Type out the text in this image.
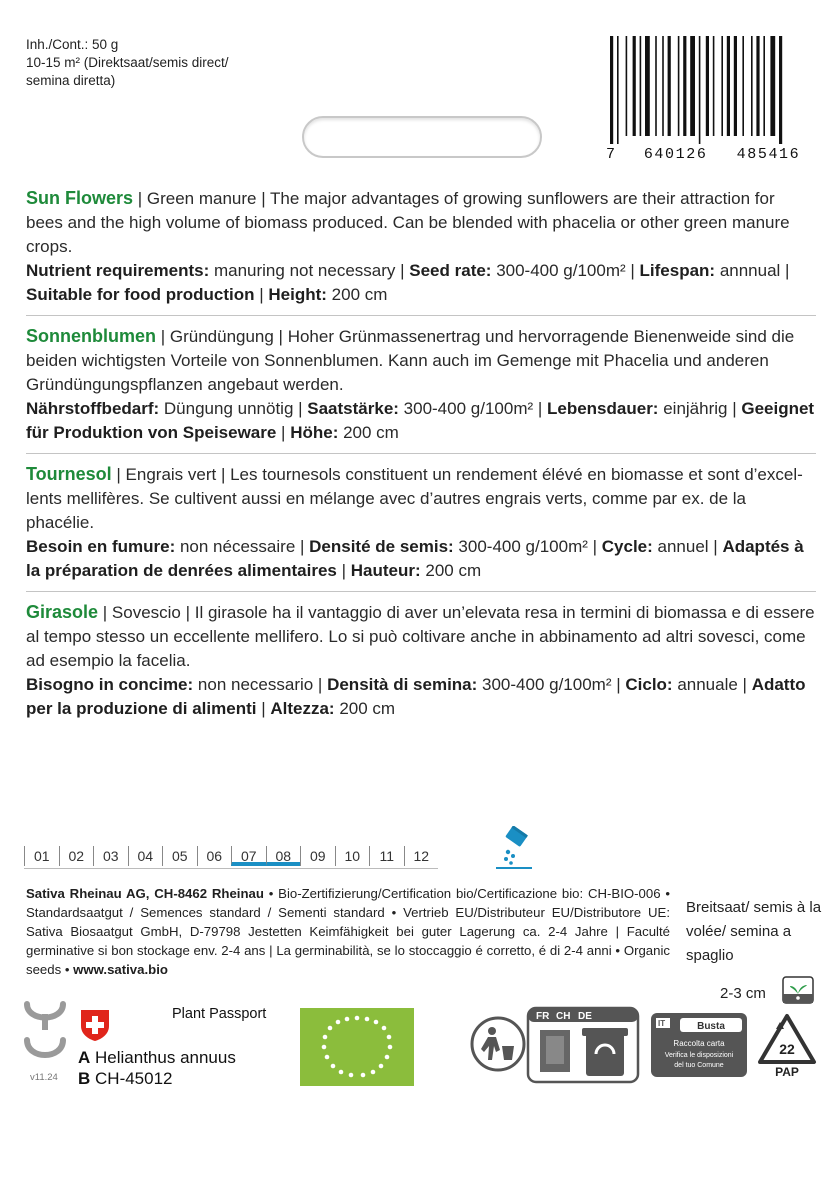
Inh./Cont.: 50 g
10-15 m² (Direktsaat/semis direct/
semina diretta)
7 640126 485416
Sun Flowers | Green manure | The major advantages of growing sunflowers are their attraction for bees and the high volume of biomass produced. Can be blended with phacelia or other green manure crops.
Nutrient requirements: manuring not necessary | Seed rate: 300-400 g/100m² | Lifespan: annnual |
Suitable for food production | Height: 200 cm
Sonnenblumen | Gründüngung | Hoher Grünmassenertrag und hervorragende Bienenweide sind die beiden wichtigsten Vorteile von Sonnenblumen. Kann auch im Gemenge mit Phacelia und anderen Gründüngungspflanzen angebaut werden.
Nährstoffbedarf: Düngung unnötig | Saatstärke: 300-400 g/100m² | Lebensdauer: einjährig | Geeignet für Produktion von Speiseware | Höhe: 200 cm
Tournesol | Engrais vert | Les tournesols constituent un rendement élévé en biomasse et sont d’excellents mellifères. Se cultivent aussi en mélange avec d’autres engrais verts, comme par ex. de la phacélie.
Besoin en fumure: non nécessaire | Densité de semis: 300-400 g/100m² | Cycle: annuel | Adaptés à la préparation de denrées alimentaires | Hauteur: 200 cm
Girasole | Sovescio | Il girasole ha il vantaggio di aver un’elevata resa in termini di biomassa e di essere al tempo stesso un eccellente mellifero. Lo si può coltivare anche in abbinamento ad altri sovesci, come ad esempio la facelia.
Bisogno in concime: non necessario | Densità di semina: 300-400 g/100m² | Ciclo: annuale | Adatto per la produzione di alimenti | Altezza: 200 cm
01	02	03	04	05	06	07	08	09	10	11	12
Sativa Rheinau AG, CH-8462 Rheinau • Bio-Zertifizierung/Certification bio/Certificazione bio: CH-BIO-006 • Standardsaatgut / Semences standard / Sementi standard • Vertrieb EU/Distributeur EU/Distributore UE: Sativa Biosaatgut GmbH, D-79798 Jestetten Keimfähigkeit bei guter Lagerung ca. 2-4 Jahre | Faculté germinative si bon stockage env. 2-4 ans | La germinabilità, se lo stoccaggio é corretto, é di 2-4 anni • Organic seeds • www.sativa.bio
Breitsaat/ semis à la volée/ semina a spaglio
2-3 cm
v11.24
Plant Passport
A Helianthus annuus
B CH-45012
FR CH DE
IT	Busta
Raccolta carta
Verifica le disposizioni
del tuo Comune
22
PAP
